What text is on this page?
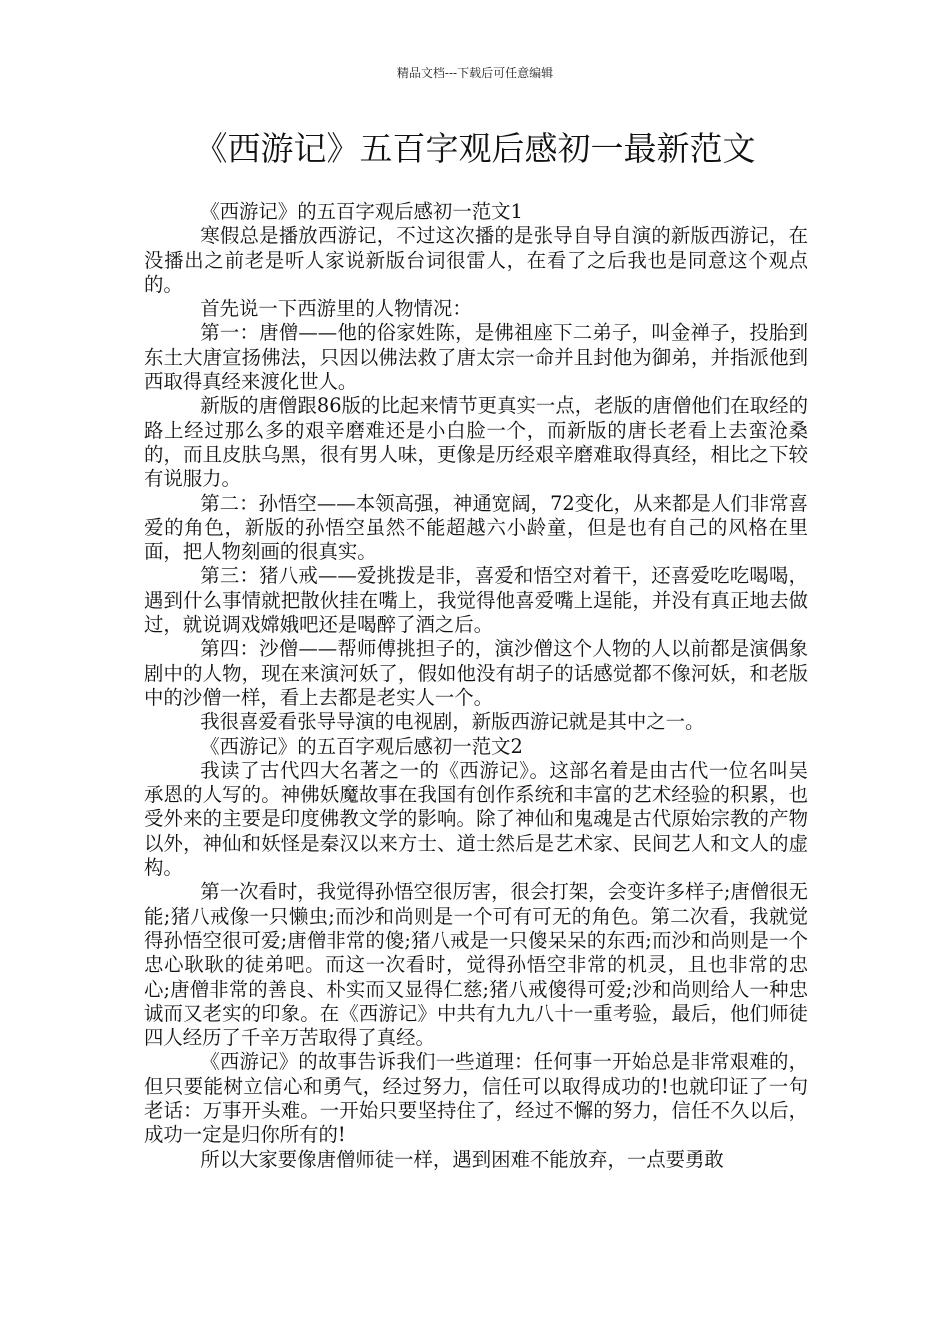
精品文档---下载后可任意编辑
《西游记》五百字观后感初一最新范文

《西游记》的五百字观后感初一范文1

寒假总是播放西游记，不过这次播的是张导自导自演的新版西游记，在没播出之前老是听人家说新版台词很雷人，在看了之后我也是同意这个观点的。

首先说一下西游里的人物情况：

第一：唐僧——他的俗家姓陈，是佛祖座下二弟子，叫金禅子，投胎到东土大唐宣扬佛法，只因以佛法救了唐太宗一命并且封他为御弟，并指派他到西取得真经来渡化世人。

新版的唐僧跟86版的比起来情节更真实一点，老版的唐僧他们在取经的路上经过那么多的艰辛磨难还是小白脸一个，而新版的唐长老看上去蛮沧桑的，而且皮肤乌黑，很有男人味，更像是历经艰辛磨难取得真经，相比之下较有说服力。

第二：孙悟空——本领高强，神通宽阔，72变化，从来都是人们非常喜爱的角色，新版的孙悟空虽然不能超越六小龄童，但是也有自己的风格在里面，把人物刻画的很真实。

第三：猪八戒——爱挑拨是非，喜爱和悟空对着干，还喜爱吃吃喝喝，遇到什么事情就把散伙挂在嘴上，我觉得他喜爱嘴上逞能，并没有真正地去做过，就说调戏嫦娥吧还是喝醉了酒之后。

第四：沙僧——帮师傅挑担子的，演沙僧这个人物的人以前都是演偶象剧中的人物，现在来演河妖了，假如他没有胡子的话感觉都不像河妖，和老版中的沙僧一样，看上去都是老实人一个。

我很喜爱看张导导演的电视剧，新版西游记就是其中之一。

《西游记》的五百字观后感初一范文2

我读了古代四大名著之一的《西游记》。这部名着是由古代一位名叫吴承恩的人写的。神佛妖魔故事在我国有创作系统和丰富的艺术经验的积累，也受外来的主要是印度佛教文学的影响。除了神仙和鬼魂是古代原始宗教的产物以外，神仙和妖怪是秦汉以来方士、道士然后是艺术家、民间艺人和文人的虚构。

第一次看时，我觉得孙悟空很厉害，很会打架，会变许多样子;唐僧很无能;猪八戒像一只懒虫;而沙和尚则是一个可有可无的角色。第二次看，我就觉得孙悟空很可爱;唐僧非常的傻;猪八戒是一只傻呆呆的东西;而沙和尚则是一个忠心耿耿的徒弟吧。而这一次看时，觉得孙悟空非常的机灵，且也非常的忠心;唐僧非常的善良、朴实而又显得仁慈;猪八戒傻得可爱;沙和尚则给人一种忠诚而又老实的印象。在《西游记》中共有九九八十一重考验，最后，他们师徒四人经历了千辛万苦取得了真经。

《西游记》的故事告诉我们一些道理：任何事一开始总是非常艰难的，但只要能树立信心和勇气，经过努力，信任可以取得成功的!也就印证了一句老话：万事开头难。一开始只要坚持住了，经过不懈的努力，信任不久以后，成功一定是归你所有的!

所以大家要像唐僧师徒一样，遇到困难不能放弃，一点要勇敢
